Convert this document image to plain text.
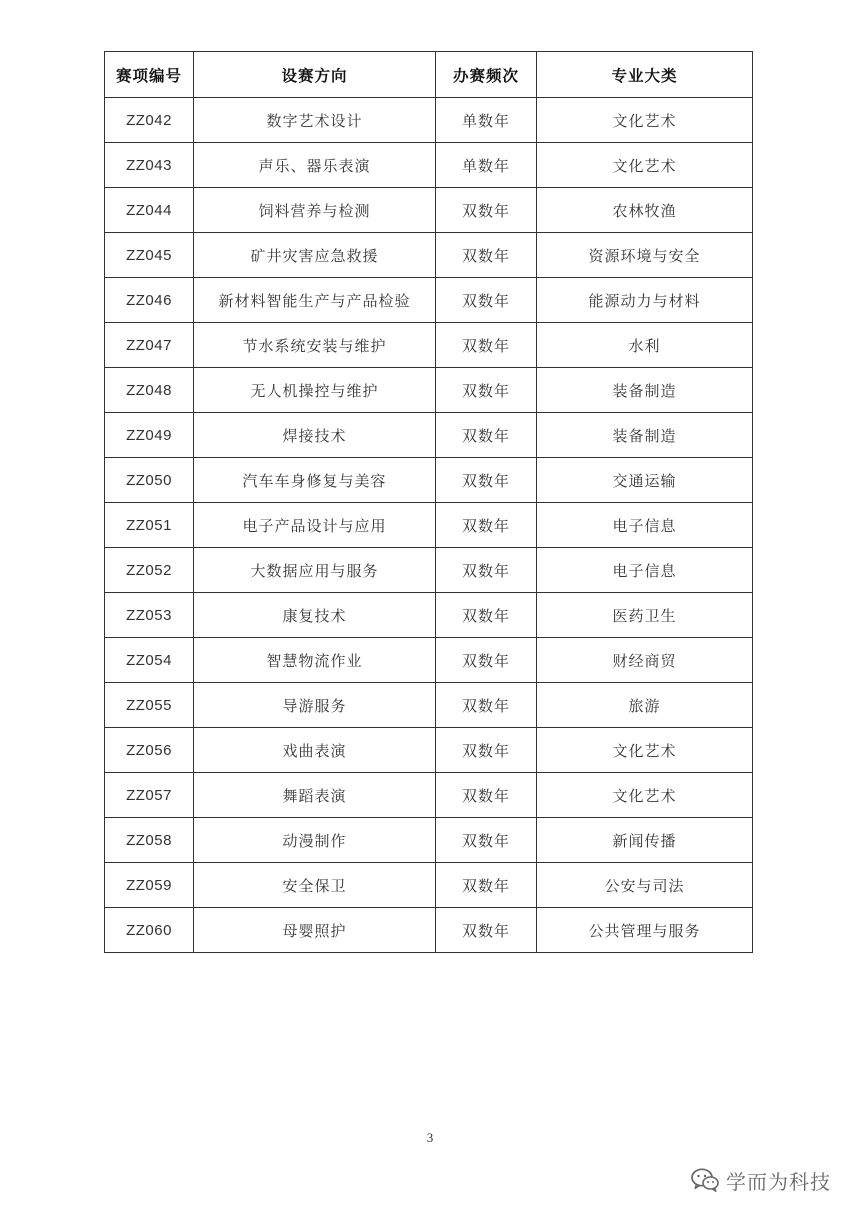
赛项编号	设赛方向	办赛频次	专业大类
ZZ042	数字艺术设计	单数年	文化艺术
ZZ043	声乐、器乐表演	单数年	文化艺术
ZZ044	饲料营养与检测	双数年	农林牧渔
ZZ045	矿井灾害应急救援	双数年	资源环境与安全
ZZ046	新材料智能生产与产品检验	双数年	能源动力与材料
ZZ047	节水系统安装与维护	双数年	水利
ZZ048	无人机操控与维护	双数年	装备制造
ZZ049	焊接技术	双数年	装备制造
ZZ050	汽车车身修复与美容	双数年	交通运输
ZZ051	电子产品设计与应用	双数年	电子信息
ZZ052	大数据应用与服务	双数年	电子信息
ZZ053	康复技术	双数年	医药卫生
ZZ054	智慧物流作业	双数年	财经商贸
ZZ055	导游服务	双数年	旅游
ZZ056	戏曲表演	双数年	文化艺术
ZZ057	舞蹈表演	双数年	文化艺术
ZZ058	动漫制作	双数年	新闻传播
ZZ059	安全保卫	双数年	公安与司法
ZZ060	母婴照护	双数年	公共管理与服务
3
学而为科技
